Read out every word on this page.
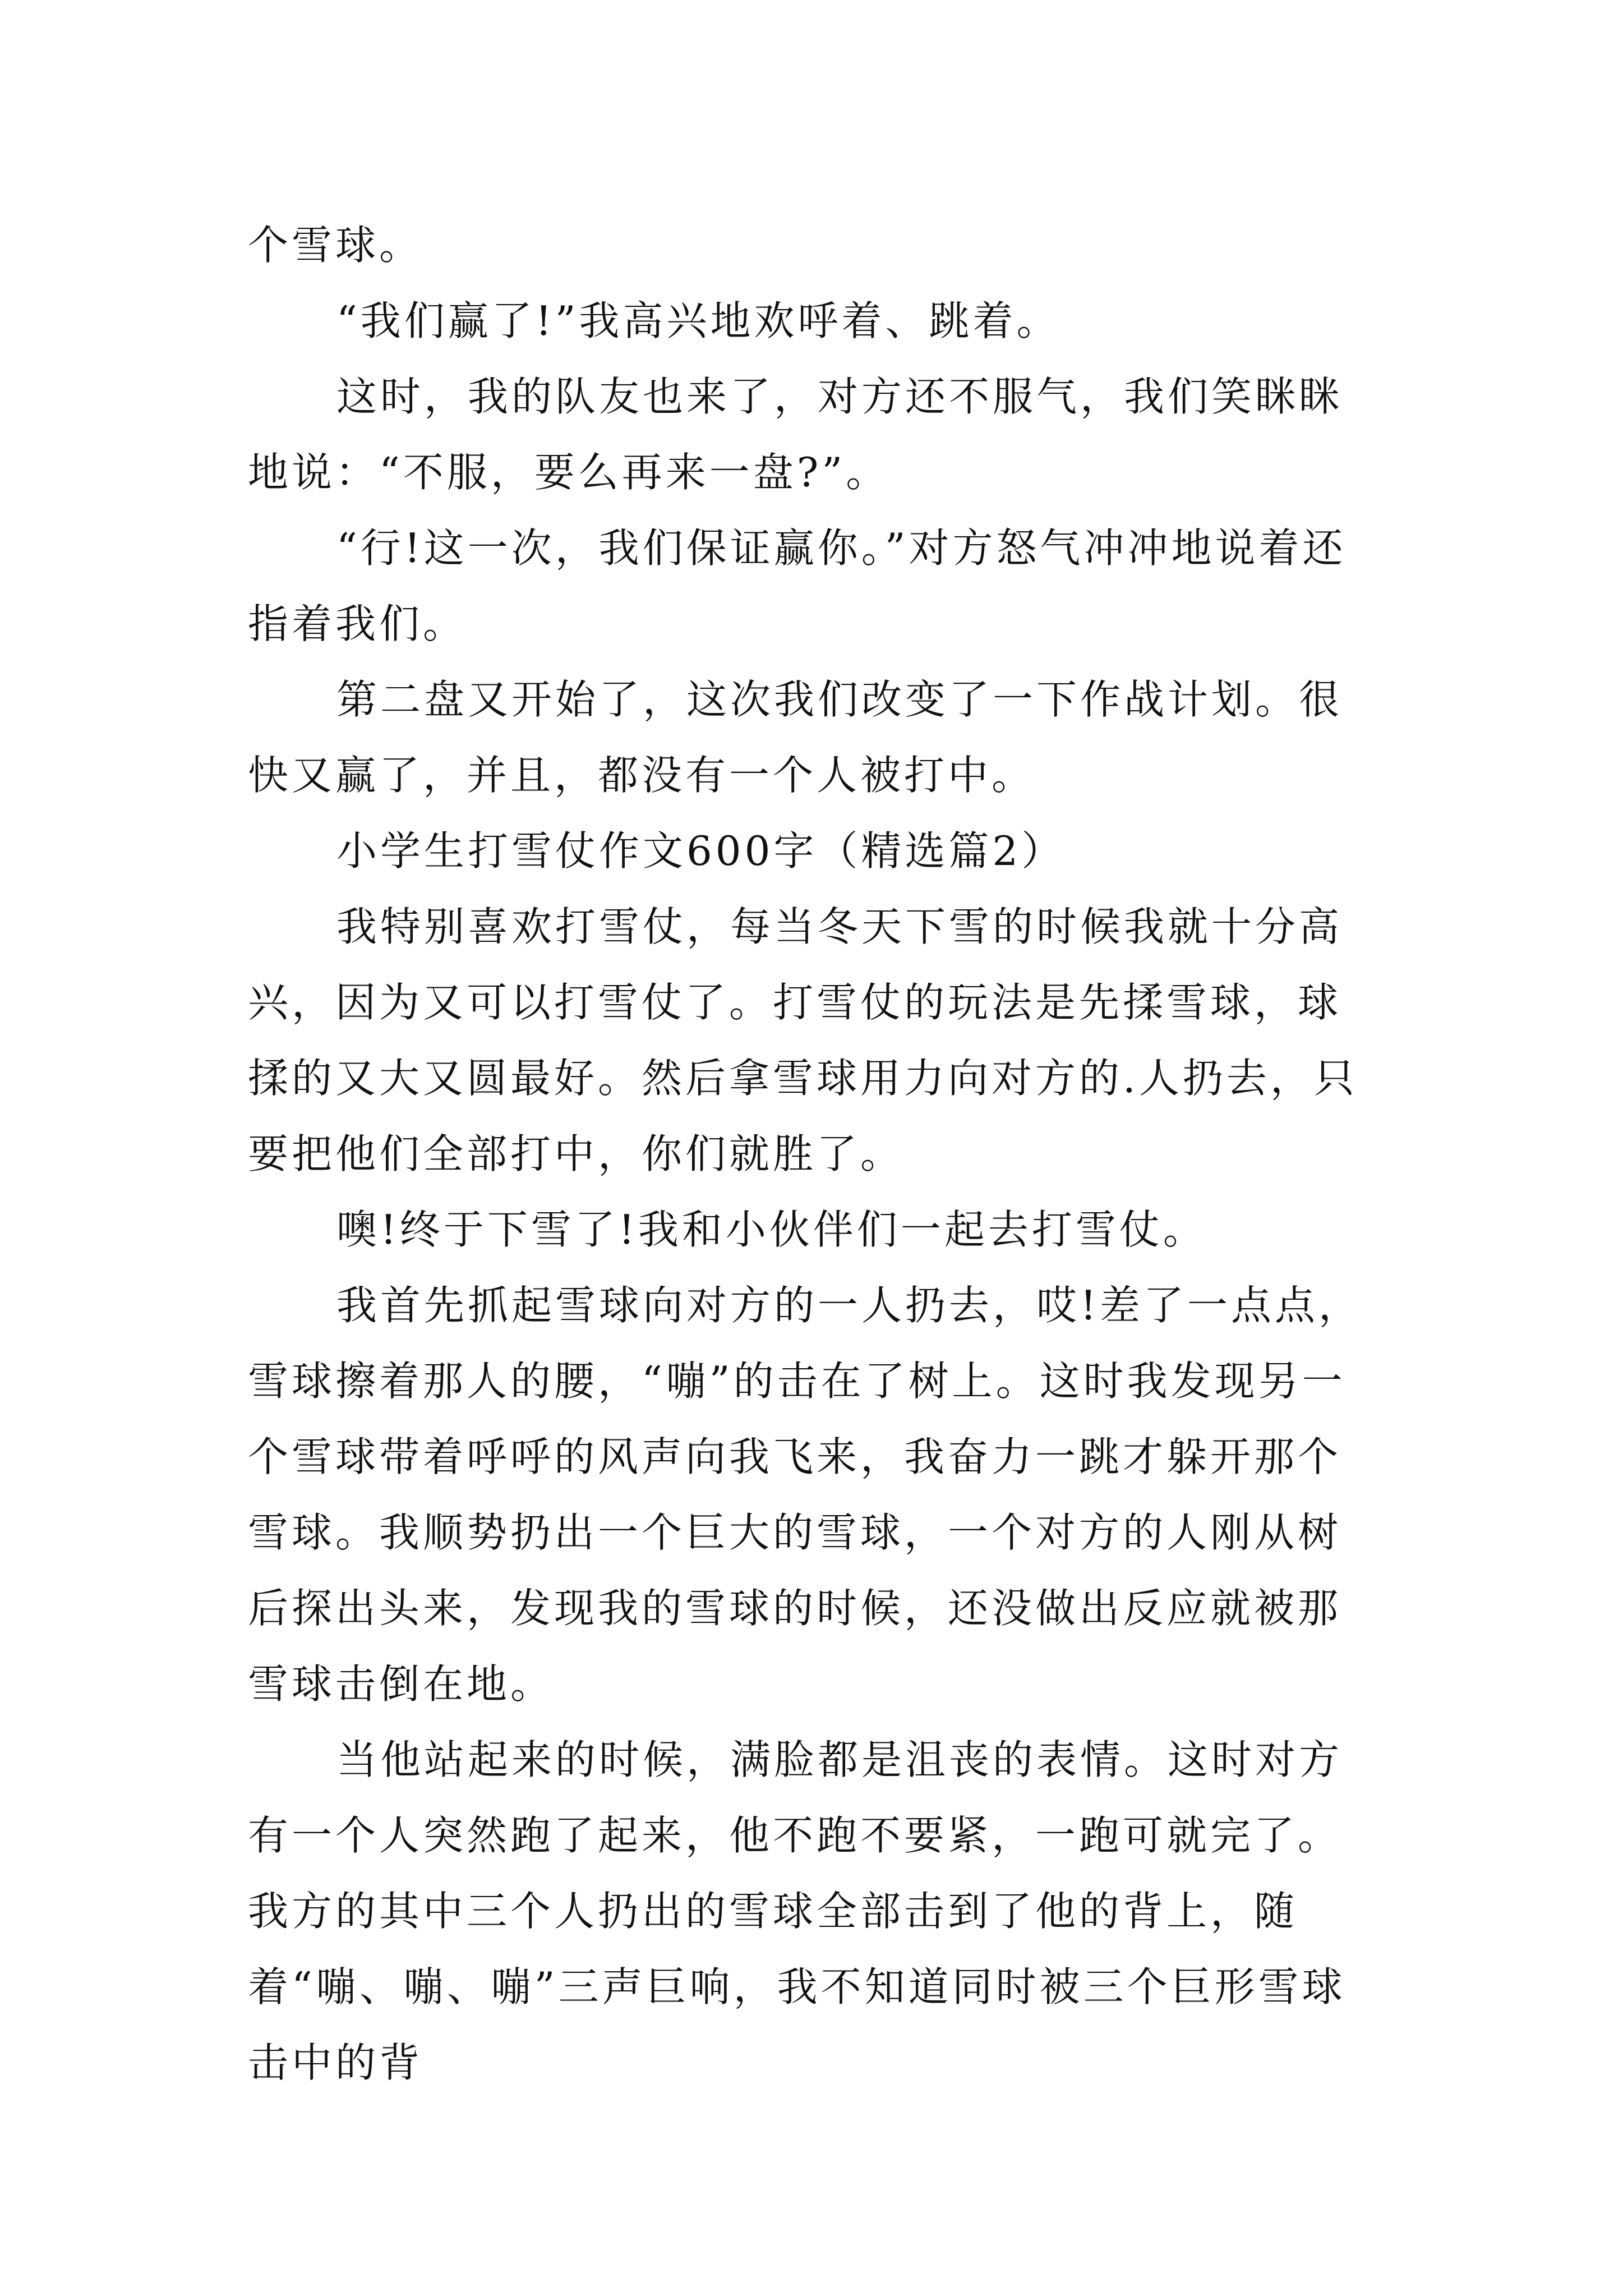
个雪球。

“我们赢了!”我高兴地欢呼着、跳着。

这时，我的队友也来了，对方还不服气，我们笑眯眯地说：“不服，要么再来一盘?”。

“行!这一次，我们保证赢你。”对方怒气冲冲地说着还指着我们。

第二盘又开始了，这次我们改变了一下作战计划。很快又赢了，并且，都没有一个人被打中。

小学生打雪仗作文600字（精选篇2）

我特别喜欢打雪仗，每当冬天下雪的时候我就十分高兴，因为又可以打雪仗了。打雪仗的玩法是先揉雪球，球揉的又大又圆最好。然后拿雪球用力向对方的.人扔去，只要把他们全部打中，你们就胜了。

噢!终于下雪了!我和小伙伴们一起去打雪仗。

我首先抓起雪球向对方的一人扔去，哎!差了一点点，雪球擦着那人的腰，“嘣”的击在了树上。这时我发现另一个雪球带着呼呼的风声向我飞来，我奋力一跳才躲开那个雪球。我顺势扔出一个巨大的雪球，一个对方的人刚从树后探出头来，发现我的雪球的时候，还没做出反应就被那雪球击倒在地。

当他站起来的时候，满脸都是沮丧的表情。这时对方有一个人突然跑了起来，他不跑不要紧，一跑可就完了。我方的其中三个人扔出的雪球全部击到了他的背上，随着“嘣、嘣、嘣”三声巨响，我不知道同时被三个巨形雪球击中的背
